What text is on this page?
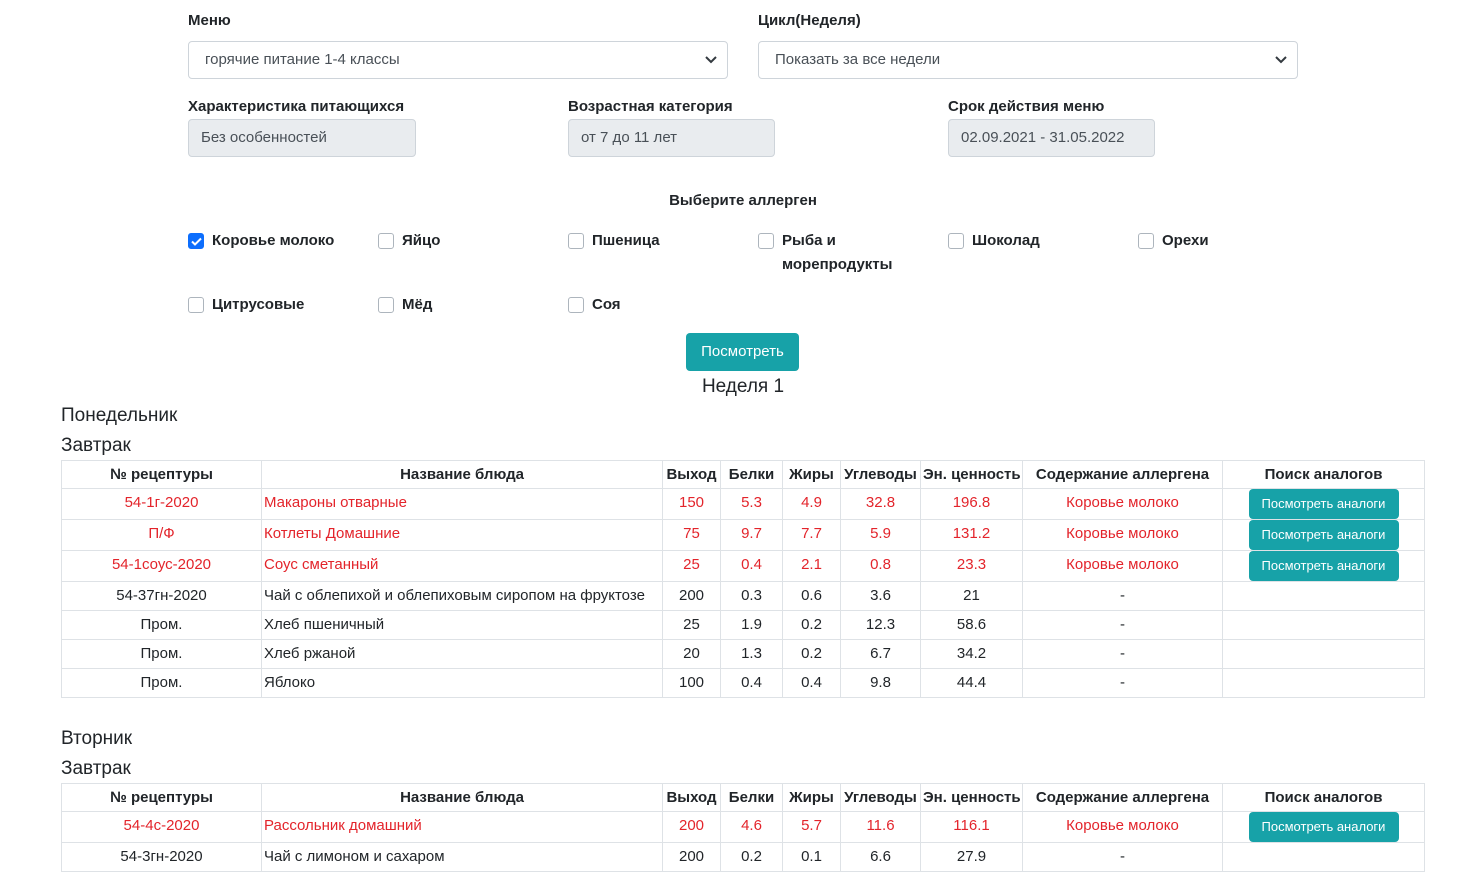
Меню
горячие питание 1-4 классы
Цикл(Неделя)
Показать за все недели
Характеристика питающихся
Без особенностей
Возрастная категория
от 7 до 11 лет
Срок действия меню
02.09.2021 - 31.05.2022
Выберите аллерген
Коровье молоко	Яйцо	Пшеница	Рыба и морепродукты
Шоколад	Орехи
Цитрусовые	Мёд	Соя
Посмотреть
Неделя 1
Понедельник
Завтрак
№ рецептуры	Название блюда	Выход	Белки	Жиры	Углеводы	Эн. ценность	Содержание аллергена	Поиск аналогов
54-1г-2020	Макароны отварные	150	5.3	4.9	32.8	196.8	Коровье молоко	Посмотреть аналоги

П/Ф	Котлеты Домашние	75	9.7	7.7	5.9	131.2	Коровье молоко	Посмотреть аналоги

54-1соус-2020	Соус сметанный	25	0.4	2.1	0.8	23.3	Коровье молоко	Посмотреть аналоги

54-37гн-2020	Чай с облепихой и облепиховым сиропом на фруктозе	200	0.3	0.6	3.6	21	-	
Пром.	Хлеб пшеничный	25	1.9	0.2	12.3	58.6	-	
Пром.	Хлеб ржаной	20	1.3	0.2	6.7	34.2	-	
Пром.	Яблоко	100	0.4	0.4	9.8	44.4	-	
Вторник
Завтрак
№ рецептуры	Название блюда	Выход	Белки	Жиры	Углеводы	Эн. ценность	Содержание аллергена	Поиск аналогов
54-4с-2020	Рассольник домашний	200	4.6	5.7	11.6	116.1	Коровье молоко	Посмотреть аналоги

54-3гн-2020	Чай с лимоном и сахаром	200	0.2	0.1	6.6	27.9	-	
